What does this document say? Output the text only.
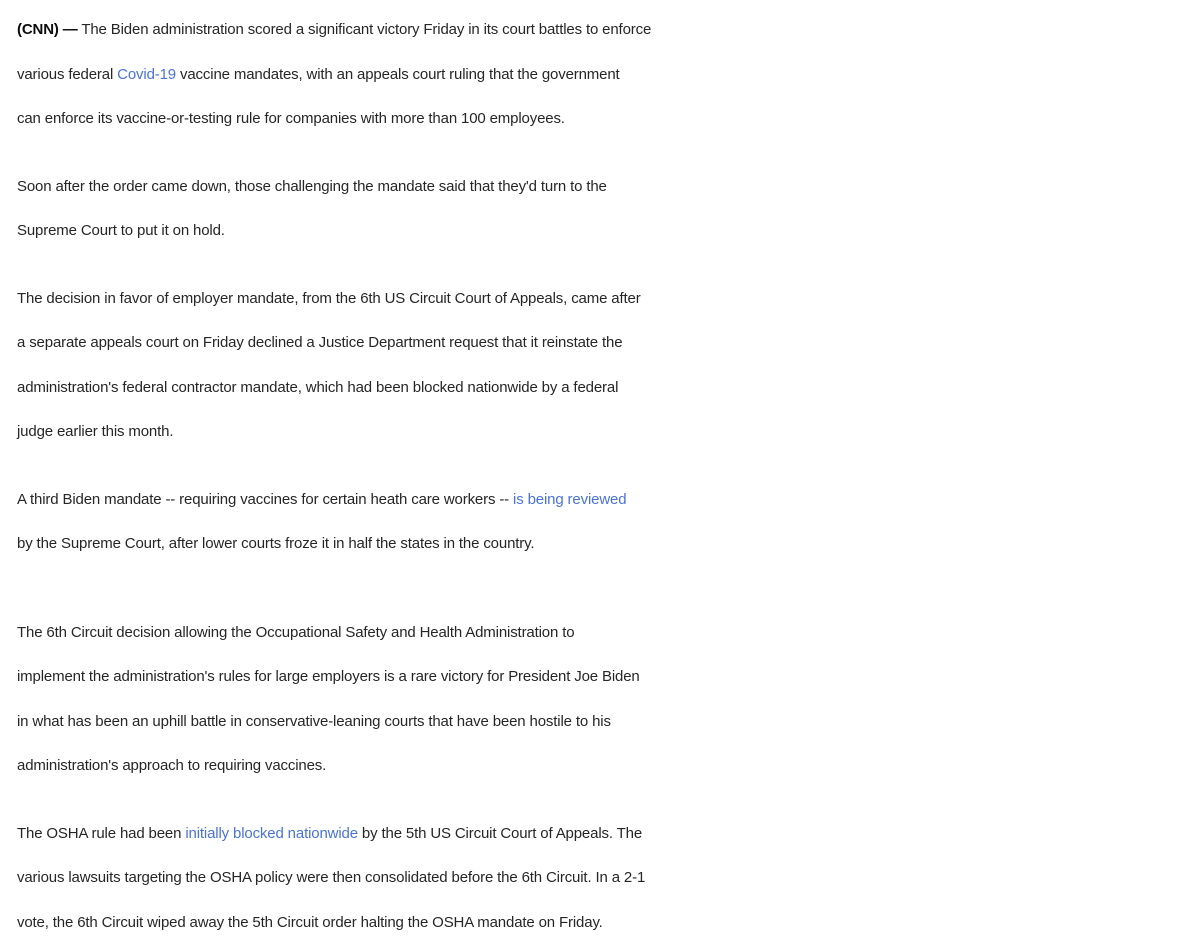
(CNN) — The Biden administration scored a significant victory Friday in its court battles to enforce
various federal Covid-19 vaccine mandates, with an appeals court ruling that the government
can enforce its vaccine-or-testing rule for companies with more than 100 employees.

Soon after the order came down, those challenging the mandate said that they'd turn to the
Supreme Court to put it on hold.

The decision in favor of employer mandate, from the 6th US Circuit Court of Appeals, came after
a separate appeals court on Friday declined a Justice Department request that it reinstate the
administration's federal contractor mandate, which had been blocked nationwide by a federal
judge earlier this month.

A third Biden mandate -- requiring vaccines for certain heath care workers -- is being reviewed
by the Supreme Court, after lower courts froze it in half the states in the country.

The 6th Circuit decision allowing the Occupational Safety and Health Administration to
implement the administration's rules for large employers is a rare victory for President Joe Biden
in what has been an uphill battle in conservative-leaning courts that have been hostile to his
administration's approach to requiring vaccines.

The OSHA rule had been initially blocked nationwide by the 5th US Circuit Court of Appeals. The
various lawsuits targeting the OSHA policy were then consolidated before the 6th Circuit. In a 2-1
vote, the 6th Circuit wiped away the 5th Circuit order halting the OSHA mandate on Friday.
